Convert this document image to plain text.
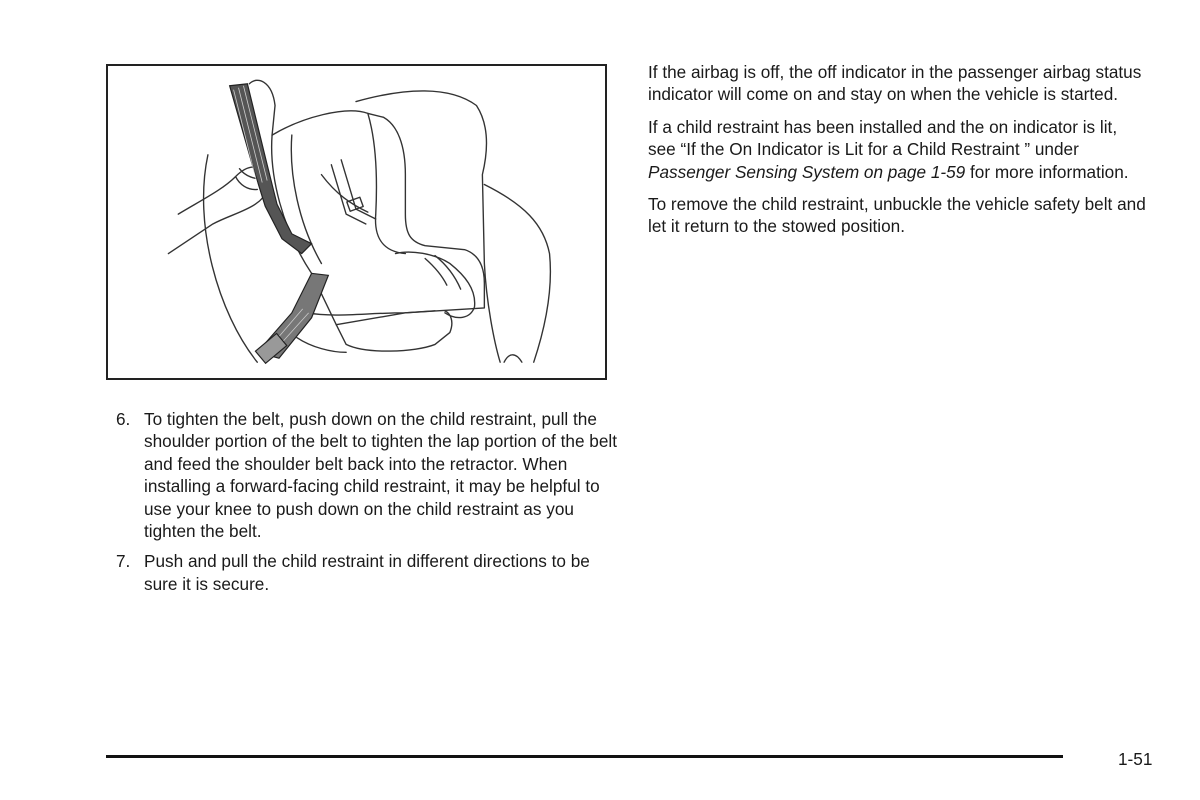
6. To tighten the belt, push down on the child restraint, pull the shoulder portion of the belt to tighten the lap portion of the belt and feed the shoulder belt back into the retractor. When installing a forward-facing child restraint, it may be helpful to use your knee to push down on the child restraint as you tighten the belt.
7. Push and pull the child restraint in different directions to be sure it is secure.

If the airbag is off, the off indicator in the passenger airbag status indicator will come on and stay on when the vehicle is started.

If a child restraint has been installed and the on indicator is lit, see “If the On Indicator is Lit for a Child Restraint ” under Passenger Sensing System on page 1-59 for more information.

To remove the child restraint, unbuckle the vehicle safety belt and let it return to the stowed position.

1-51
